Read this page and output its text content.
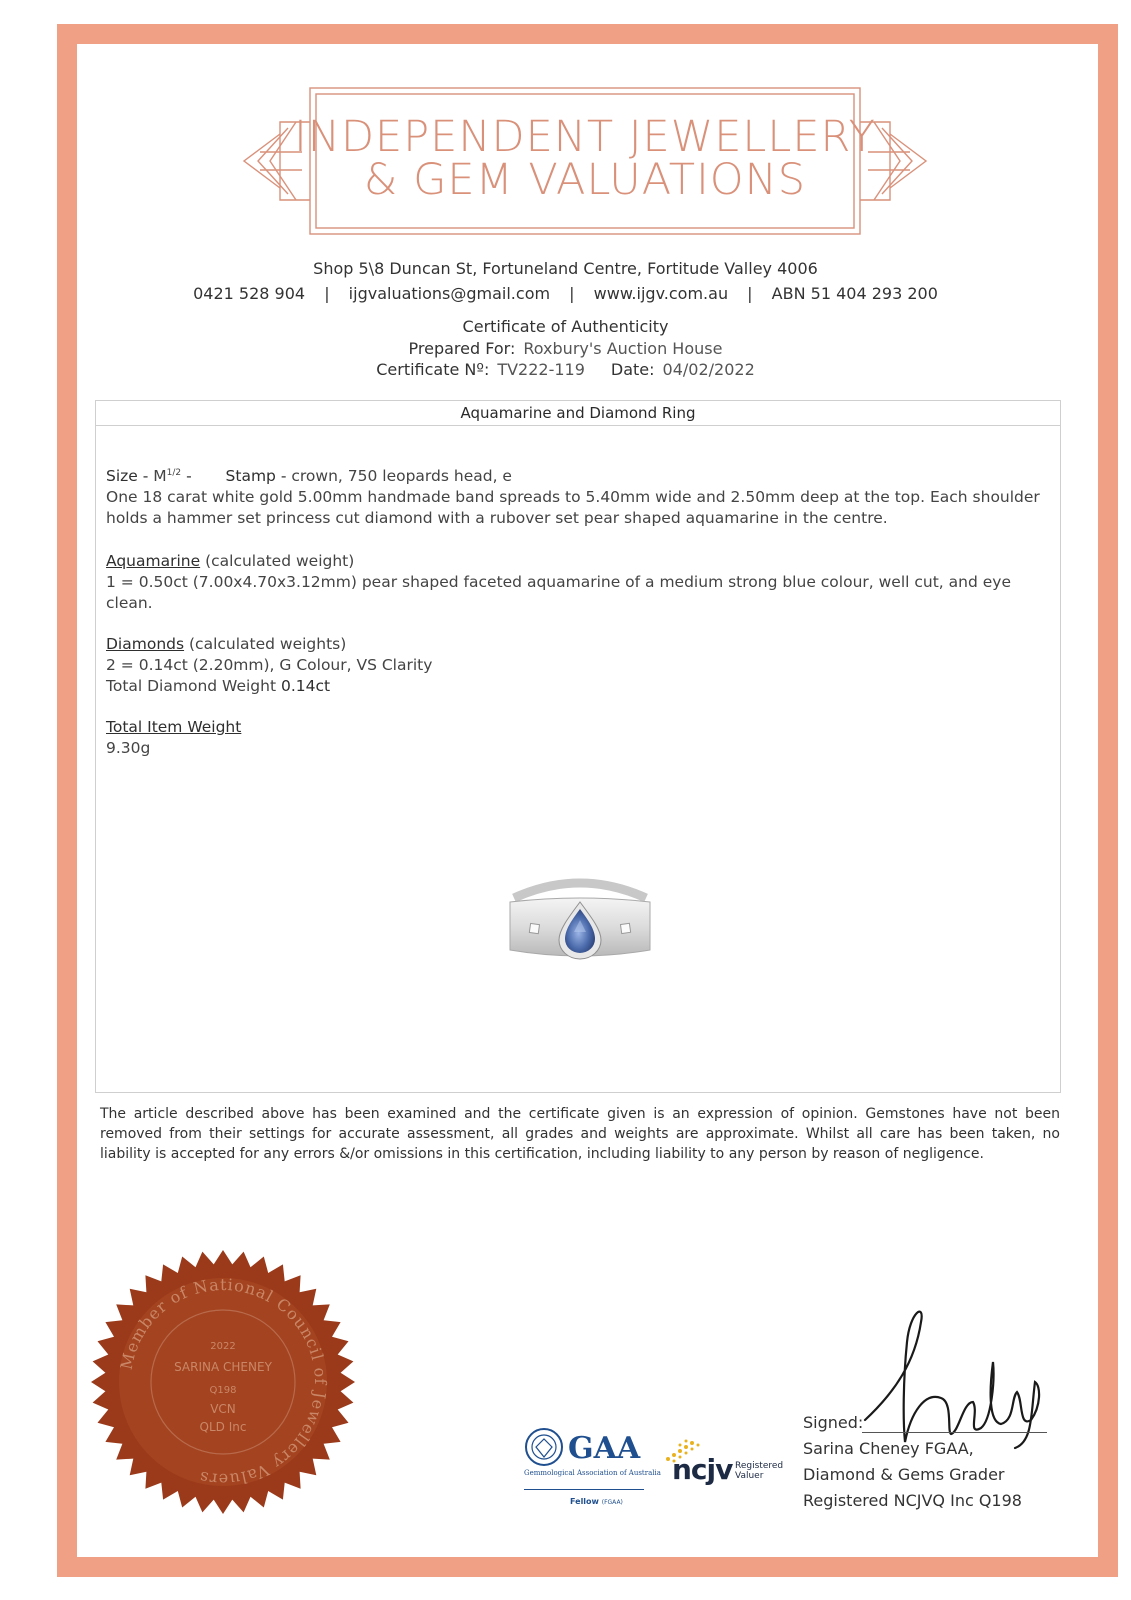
INDEPENDENT JEWELLERY
& GEM VALUATIONS
Shop 5\8 Duncan St, Fortuneland Centre, Fortitude Valley 4006
0421 528 904 | ijgvaluations@gmail.com | www.ijgv.com.au | ABN 51 404 293 200
Certificate of Authenticity
Prepared For: Roxbury's Auction House
Certificate Nº: TV222-119 Date: 04/02/2022
Aquamarine and Diamond Ring

Size - $M^{1/2}$ - Stamp - crown, 750 leopards head, e

One 18 carat white gold 5.00mm handmade band spreads to 5.40mm wide and 2.50mm deep at the top. Each shoulder holds a hammer set princess cut diamond with a rubover set pear shaped aquamarine in the centre.

Aquamarine (calculated weight)

1 = 0.50ct (7.00x4.70x3.12mm) pear shaped faceted aquamarine of a medium strong blue colour, well cut, and eye clean.

Diamonds (calculated weights)

2 = 0.14ct (2.20mm), G Colour, VS Clarity

Total Diamond Weight 0.14ct

Total Item Weight

9.30g

The article described above has been examined and the certificate given is an expression of opinion. Gemstones have not been removed from their settings for accurate assessment, all grades and weights are approximate. Whilst all care has been taken, no liability is accepted for any errors &/or omissions in this certification, including liability to any person by reason of negligence.
Member of National Council of Jewellery Valuers
2022
SARINA CHENEY
Q198
VCN
QLD Inc
GAA
Gemmological Association of Australia
Fellow (FGAA)
ncjv Registered
Valuer

Signed:

Sarina Cheney FGAA,

Diamond & Gems Grader

Registered NCJVQ Inc Q198
